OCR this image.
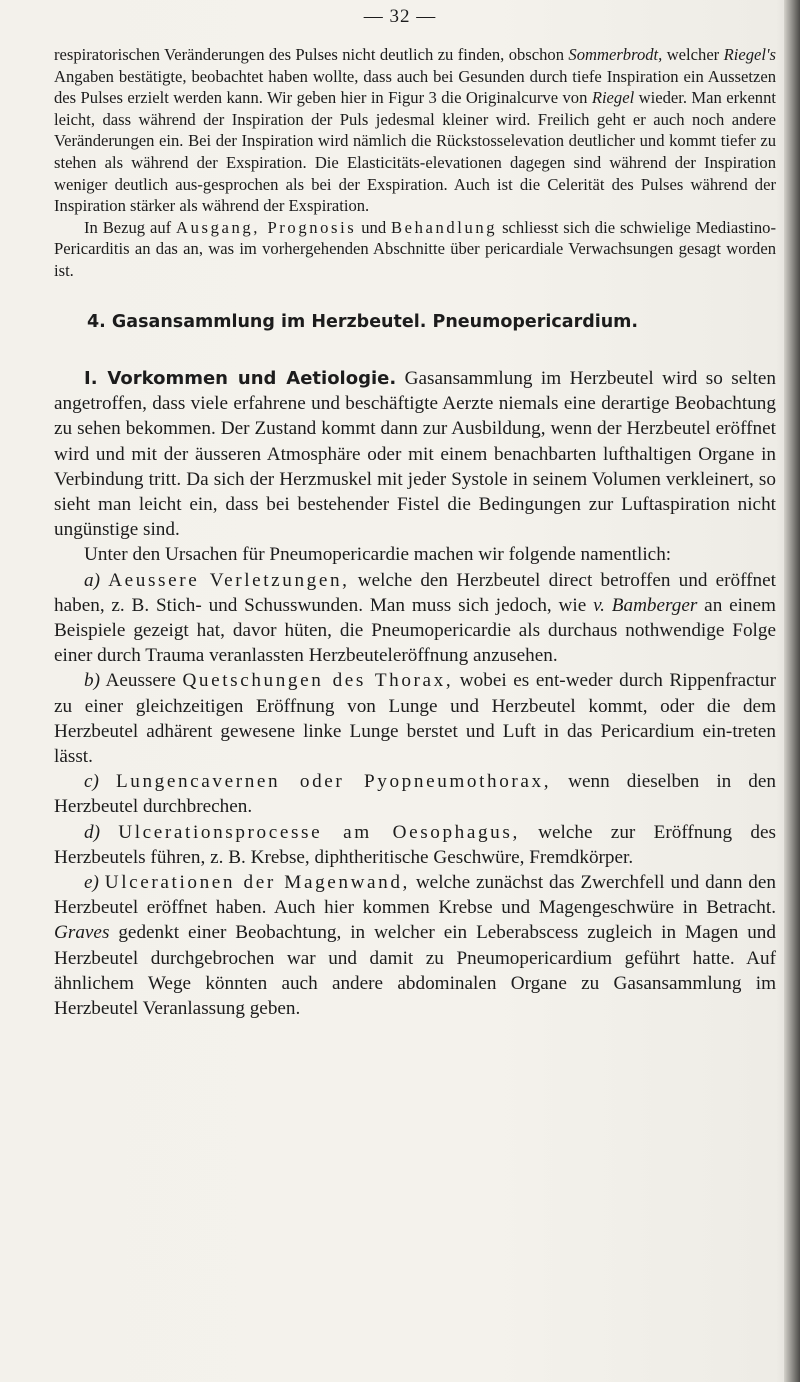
— 32 —

respiratorischen Veränderungen des Pulses nicht deutlich zu finden, obschon Sommerbrodt, welcher Riegel's Angaben bestätigte, beobachtet haben wollte, dass auch bei Gesunden durch tiefe Inspiration ein Aussetzen des Pulses erzielt werden kann. Wir geben hier in Figur 3 die Originalcurve von Riegel wieder. Man erkennt leicht, dass während der Inspiration der Puls jedesmal kleiner wird. Freilich geht er auch noch andere Veränderungen ein. Bei der Inspiration wird nämlich die Rückstosselevation deutlicher und kommt tiefer zu stehen als während der Exspiration. Die Elasticitäts-elevationen dagegen sind während der Inspiration weniger deutlich aus-gesprochen als bei der Exspiration. Auch ist die Celerität des Pulses während der Inspiration stärker als während der Exspiration.

In Bezug auf Ausgang, Prognosis und Behandlung schliesst sich die schwielige Mediastino-Pericarditis an das an, was im vorhergehenden Abschnitte über pericardiale Verwachsungen gesagt worden ist.

4. Gasansammlung im Herzbeutel. Pneumopericardium.

I. Vorkommen und Aetiologie. Gasansammlung im Herzbeutel wird so selten angetroffen, dass viele erfahrene und beschäftigte Aerzte niemals eine derartige Beobachtung zu sehen bekommen. Der Zustand kommt dann zur Ausbildung, wenn der Herzbeutel eröffnet wird und mit der äusseren Atmosphäre oder mit einem benachbarten lufthaltigen Organe in Verbindung tritt. Da sich der Herzmuskel mit jeder Systole in seinem Volumen verkleinert, so sieht man leicht ein, dass bei bestehender Fistel die Bedingungen zur Luftaspiration nicht ungünstige sind.

Unter den Ursachen für Pneumopericardie machen wir folgende namentlich:

a) Aeussere Verletzungen, welche den Herzbeutel direct betroffen und eröffnet haben, z. B. Stich- und Schusswunden. Man muss sich jedoch, wie v. Bamberger an einem Beispiele gezeigt hat, davor hüten, die Pneumopericardie als durchaus nothwendige Folge einer durch Trauma veranlassten Herzbeuteleröffnung anzusehen.

b) Aeussere Quetschungen des Thorax, wobei es ent-weder durch Rippenfractur zu einer gleichzeitigen Eröffnung von Lunge und Herzbeutel kommt, oder die dem Herzbeutel adhärent gewesene linke Lunge berstet und Luft in das Pericardium ein-treten lässt.

c) Lungencavernen oder Pyopneumothorax, wenn dieselben in den Herzbeutel durchbrechen.

d) Ulcerationsprocesse am Oesophagus, welche zur Eröffnung des Herzbeutels führen, z. B. Krebse, diphtheritische Geschwüre, Fremdkörper.

e) Ulcerationen der Magenwand, welche zunächst das Zwerchfell und dann den Herzbeutel eröffnet haben. Auch hier kommen Krebse und Magengeschwüre in Betracht. Graves gedenkt einer Beobachtung, in welcher ein Leberabscess zugleich in Magen und Herzbeutel durchgebrochen war und damit zu Pneumopericardium geführt hatte. Auf ähnlichem Wege könnten auch andere abdominalen Organe zu Gasansammlung im Herzbeutel Veranlassung geben.
